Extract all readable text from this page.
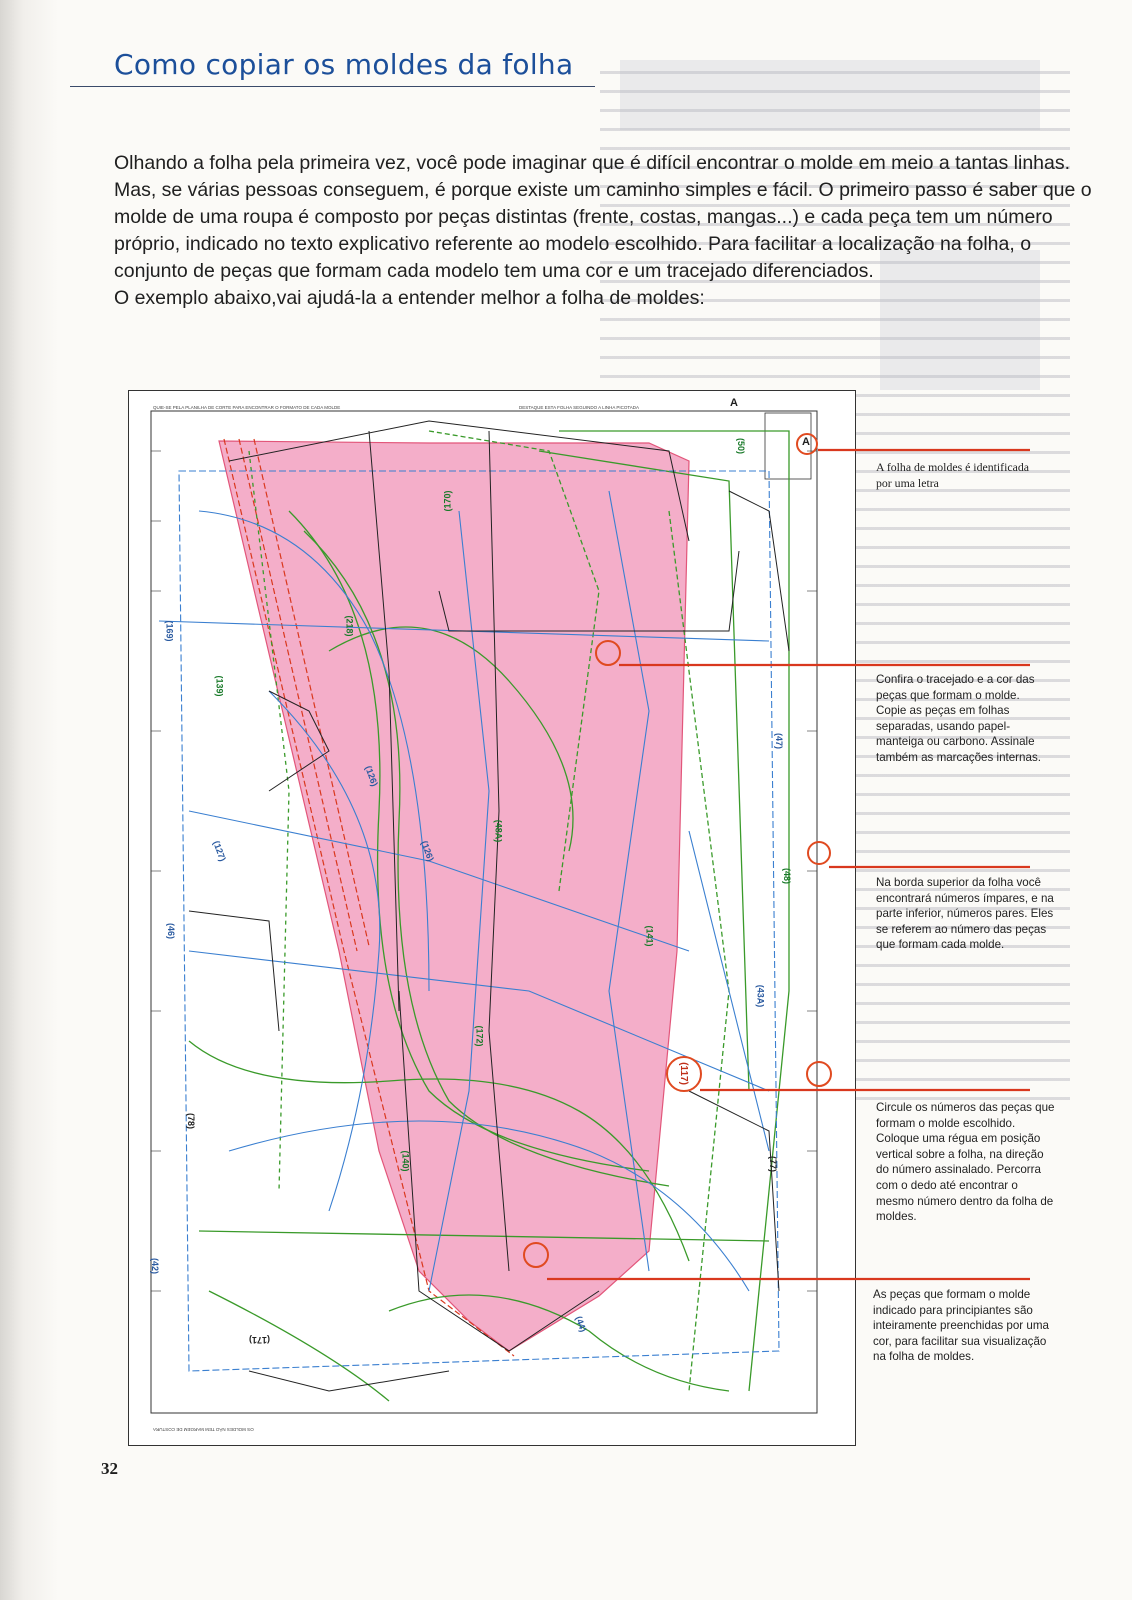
Como copiar os moldes da folha

Olhando a folha pela primeira vez, você pode imaginar que é difícil encontrar o molde em meio a tantas linhas. Mas, se várias pessoas conseguem, é porque existe um caminho simples e fácil. O primeiro passo é saber que o molde de uma roupa é composto por peças distintas (frente, costas, mangas...) e cada peça tem um número próprio, indicado no texto explicativo referente ao modelo escolhido. Para facilitar a localização na folha, o conjunto de peças que formam cada modelo tem uma cor e um tracejado diferenciados.

O exemplo abaixo,vai ajudá-la a entender melhor a folha de moldes:

QUIE-SE PELA PLANILHA DE CORTE PARA ENCONTRAR O FORMATO DE CADA MOLDE	DESTAQUE ESTA FOLHA SEGUINDO A LINHA PICOTADA	A
A
OS MOLDES NÃO TEM MARGEM DE COSTURA
(170)
(218)
(169)
(139)
(126)
(126)
(48A)
(127)
(46)
(172)
(78)
(140)
(42)
(171)
(141)
(43A)
(117)
(48)
(47)
(44)
(77)
(50)

A folha de moldes é identificada por uma letra

Confira o tracejado e a cor das peças que formam o molde. Copie as peças em folhas separadas, usando papel-manteiga ou carbono. Assinale também as marcações internas.

Na borda superior da folha você encontrará números ímpares, e na parte inferior, números pares. Eles se referem ao número das peças que formam cada molde.

Circule os números das peças que formam o molde escolhido. Coloque uma régua em posição vertical sobre a folha, na direção do número assinalado. Percorra com o dedo até encontrar o mesmo número dentro da folha de moldes.

As peças que formam o molde indicado para principiantes são inteiramente preenchidas por uma cor, para facilitar sua visualização na folha de moldes.

32
